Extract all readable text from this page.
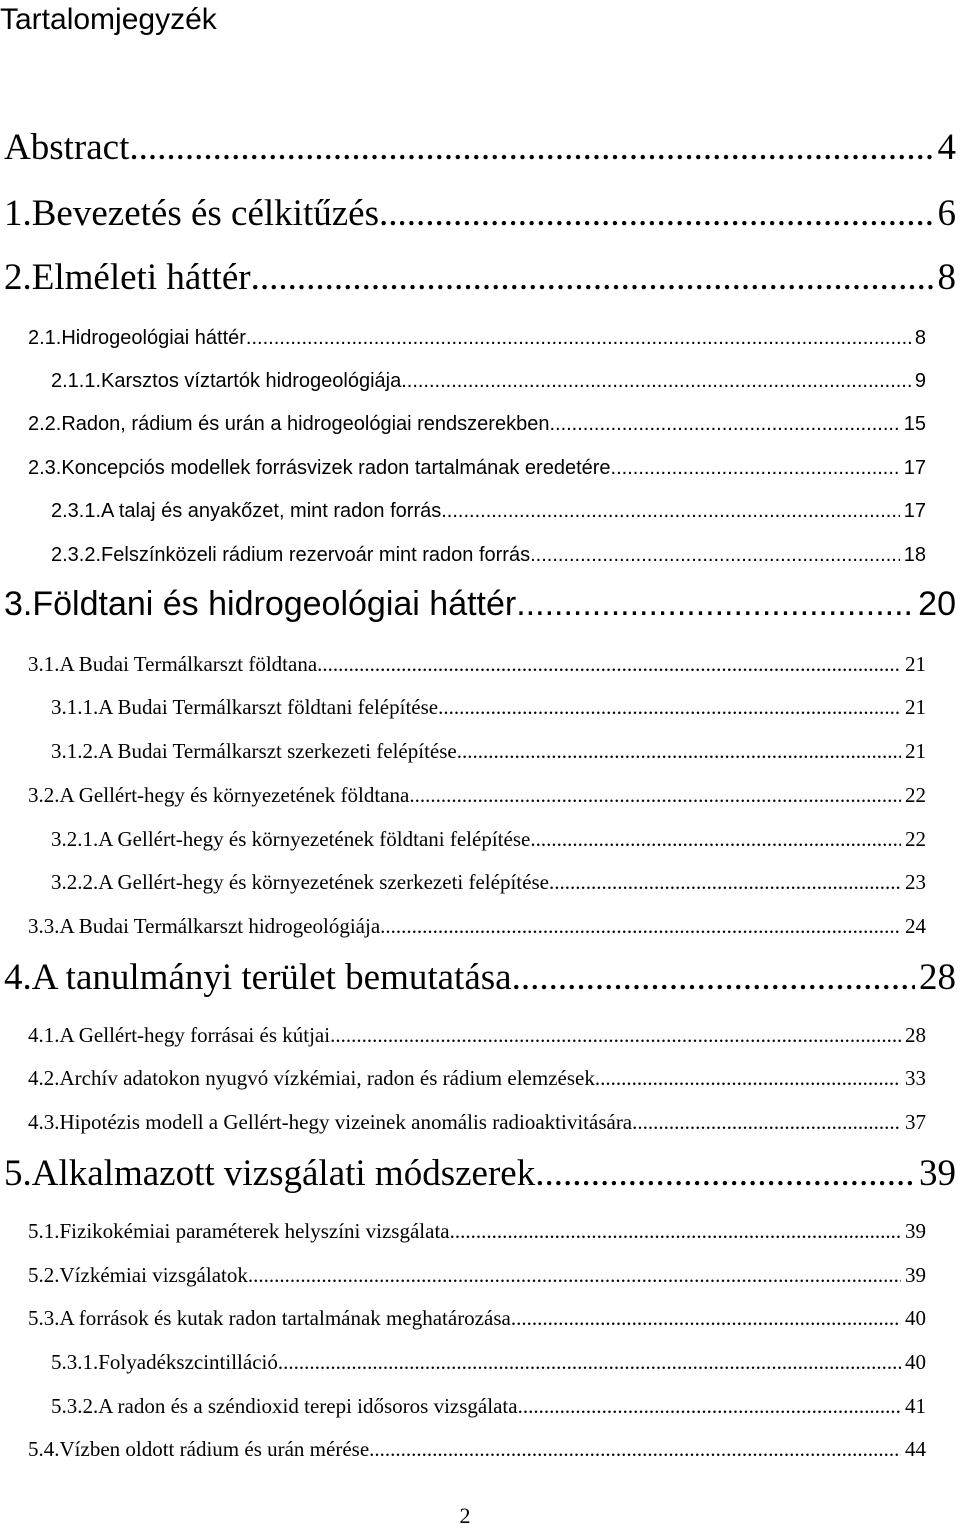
Tartalomjegyzék
Abstract .....	4
1. Bevezetés és célkitűzés .....	6
2. Elméleti háttér .....	8
2.1. Hidrogeológiai háttér .....	8
2.1.1. Karsztos víztartók hidrogeológiája .....	9
2.2. Radon, rádium és urán a hidrogeológiai rendszerekben .....	15
2.3. Koncepciós modellek forrásvizek radon tartalmának eredetére .....	17
2.3.1. A talaj és anyakőzet, mint radon forrás .....	17
2.3.2. Felszínközeli rádium rezervoár mint radon forrás .....	18
3. Földtani és hidrogeológiai háttér .....	20
3.1. A Budai Termálkarszt földtana .....	21
3.1.1. A Budai Termálkarszt földtani felépítése .....	21
3.1.2. A Budai Termálkarszt szerkezeti felépítése .....	21
3.2. A Gellért-hegy és környezetének földtana .....	22
3.2.1. A Gellért-hegy és környezetének földtani felépítése .....	22
3.2.2. A Gellért-hegy és környezetének szerkezeti felépítése .....	23
3.3. A Budai Termálkarszt hidrogeológiája .....	24
4. A tanulmányi terület bemutatása .....	28
4.1. A Gellért-hegy forrásai és kútjai .....	28
4.2. Archív adatokon nyugvó vízkémiai, radon és rádium elemzések .....	33
4.3. Hipotézis modell a Gellért-hegy vizeinek anomális radioaktivitására .....	37
5. Alkalmazott vizsgálati módszerek .....	39
5.1. Fizikokémiai paraméterek helyszíni vizsgálata .....	39
5.2. Vízkémiai vizsgálatok .....	39
5.3. A források és kutak radon tartalmának meghatározása .....	40
5.3.1. Folyadékszcintilláció .....	40
5.3.2. A radon és a széndioxid terepi idősoros vizsgálata .....	41
5.4. Vízben oldott rádium és urán mérése .....	44
2
